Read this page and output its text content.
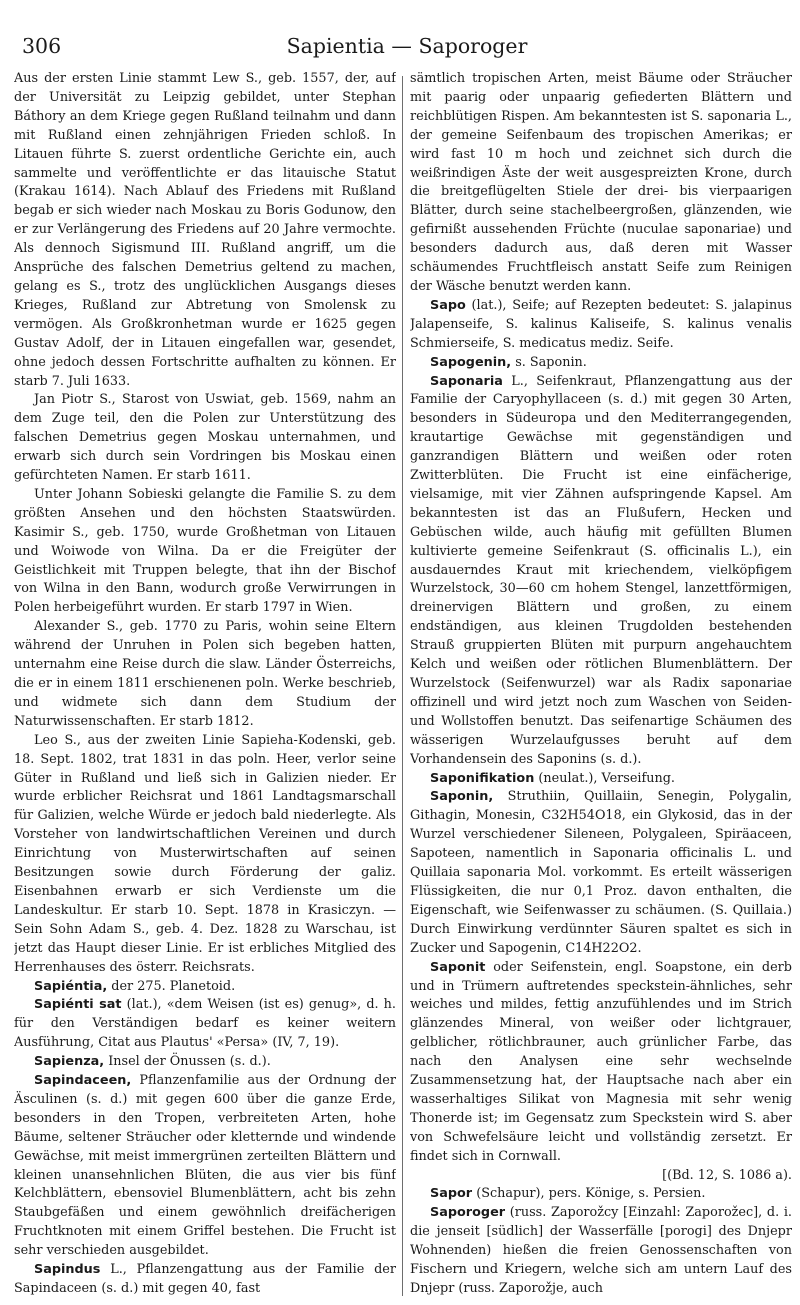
306	Sapientia — Saporoger

Aus der ersten Linie stammt Lew S., geb. 1557, der, auf der Universität zu Leipzig gebildet, unter Stephan Báthory an dem Kriege gegen Rußland teilnahm und dann mit Rußland einen zehnjährigen Frieden schloß. In Litauen führte S. zuerst ordentliche Gerichte ein, auch sammelte und veröffentlichte er das litauische Statut (Krakau 1614). Nach Ablauf des Friedens mit Rußland begab er sich wieder nach Moskau zu Boris Godunow, den er zur Verlängerung des Friedens auf 20 Jahre vermochte. Als dennoch Sigismund III. Rußland angriff, um die Ansprüche des falschen Demetrius geltend zu machen, gelang es S., trotz des unglücklichen Ausgangs dieses Krieges, Rußland zur Abtretung von Smolensk zu vermögen. Als Großkronhetman wurde er 1625 gegen Gustav Adolf, der in Litauen eingefallen war, gesendet, ohne jedoch dessen Fortschritte aufhalten zu können. Er starb 7. Juli 1633.

Jan Piotr S., Starost von Uswiat, geb. 1569, nahm an dem Zuge teil, den die Polen zur Unterstützung des falschen Demetrius gegen Moskau unternahmen, und erwarb sich durch sein Vordringen bis Moskau einen gefürchteten Namen. Er starb 1611.

Unter Johann Sobieski gelangte die Familie S. zu dem größten Ansehen und den höchsten Staatswürden. Kasimir S., geb. 1750, wurde Großhetman von Litauen und Woiwode von Wilna. Da er die Freigüter der Geistlichkeit mit Truppen belegte, that ihn der Bischof von Wilna in den Bann, wodurch große Verwirrungen in Polen herbeigeführt wurden. Er starb 1797 in Wien.

Alexander S., geb. 1770 zu Paris, wohin seine Eltern während der Unruhen in Polen sich begeben hatten, unternahm eine Reise durch die slaw. Länder Österreichs, die er in einem 1811 erschienenen poln. Werke beschrieb, und widmete sich dann dem Studium der Naturwissenschaften. Er starb 1812.

Leo S., aus der zweiten Linie Sapieha-Kodenski, geb. 18. Sept. 1802, trat 1831 in das poln. Heer, verlor seine Güter in Rußland und ließ sich in Galizien nieder. Er wurde erblicher Reichsrat und 1861 Landtagsmarschall für Galizien, welche Würde er jedoch bald niederlegte. Als Vorsteher von landwirtschaftlichen Vereinen und durch Einrichtung von Musterwirtschaften auf seinen Besitzungen sowie durch Förderung der galiz. Eisenbahnen erwarb er sich Verdienste um die Landeskultur. Er starb 10. Sept. 1878 in Krasiczyn. — Sein Sohn Adam S., geb. 4. Dez. 1828 zu Warschau, ist jetzt das Haupt dieser Linie. Er ist erbliches Mitglied des Herrenhauses des österr. Reichsrats.

Sapiéntia, der 275. Planetoid.

Sapiénti sat (lat.), «dem Weisen (ist es) genug», d. h. für den Verständigen bedarf es keiner weitern Ausführung, Citat aus Plautus' «Persa» (IV, 7, 19).

Sapienza, Insel der Önussen (s. d.).

Sapindaceen, Pflanzenfamilie aus der Ordnung der Äsculinen (s. d.) mit gegen 600 über die ganze Erde, besonders in den Tropen, verbreiteten Arten, hohe Bäume, seltener Sträucher oder kletternde und windende Gewächse, mit meist immergrünen zerteilten Blättern und kleinen unansehnlichen Blüten, die aus vier bis fünf Kelchblättern, ebensoviel Blumenblättern, acht bis zehn Staubgefäßen und einem gewöhnlich dreifächerigen Fruchtknoten mit einem Griffel bestehen. Die Frucht ist sehr verschieden ausgebildet.

Sapindus L., Pflanzengattung aus der Familie der Sapindaceen (s. d.) mit gegen 40, fast

sämtlich tropischen Arten, meist Bäume oder Sträucher mit paarig oder unpaarig gefiederten Blättern und reichblütigen Rispen. Am bekanntesten ist S. saponaria L., der gemeine Seifenbaum des tropischen Amerikas; er wird fast 10 m hoch und zeichnet sich durch die weißrindigen Äste der weit ausgespreizten Krone, durch die breitgeflügelten Stiele der drei- bis vierpaarigen Blätter, durch seine stachelbeergroßen, glänzenden, wie gefirnißt aussehenden Früchte (nuculae saponariae) und besonders dadurch aus, daß deren mit Wasser schäumendes Fruchtfleisch anstatt Seife zum Reinigen der Wäsche benutzt werden kann.

Sapo (lat.), Seife; auf Rezepten bedeutet: S. jalapinus Jalapenseife, S. kalinus Kaliseife, S. kalinus venalis Schmierseife, S. medicatus mediz. Seife.

Sapogenin, s. Saponin.

Saponaria L., Seifenkraut, Pflanzengattung aus der Familie der Caryophyllaceen (s. d.) mit gegen 30 Arten, besonders in Südeuropa und den Mediterrangegenden, krautartige Gewächse mit gegenständigen und ganzrandigen Blättern und weißen oder roten Zwitterblüten. Die Frucht ist eine einfächerige, vielsamige, mit vier Zähnen aufspringende Kapsel. Am bekanntesten ist das an Flußufern, Hecken und Gebüschen wilde, auch häufig mit gefüllten Blumen kultivierte gemeine Seifenkraut (S. officinalis L.), ein ausdauerndes Kraut mit kriechendem, vielköpfigem Wurzelstock, 30—60 cm hohem Stengel, lanzettförmigen, dreinervigen Blättern und großen, zu einem endständigen, aus kleinen Trugdolden bestehenden Strauß gruppierten Blüten mit purpurn angehauchtem Kelch und weißen oder rötlichen Blumenblättern. Der Wurzelstock (Seifenwurzel) war als Radix saponariae offizinell und wird jetzt noch zum Waschen von Seiden- und Wollstoffen benutzt. Das seifenartige Schäumen des wässerigen Wurzelaufgusses beruht auf dem Vorhandensein des Saponins (s. d.).

Saponifikation (neulat.), Verseifung.

Saponin, Struthiin, Quillaiin, Senegin, Polygalin, Githagin, Monesin, C32H54O18, ein Glykosid, das in der Wurzel verschiedener Sileneen, Polygaleen, Spiräaceen, Sapoteen, namentlich in Saponaria officinalis L. und Quillaia saponaria Mol. vorkommt. Es erteilt wässerigen Flüssigkeiten, die nur 0,1 Proz. davon enthalten, die Eigenschaft, wie Seifenwasser zu schäumen. (S. Quillaia.) Durch Einwirkung verdünnter Säuren spaltet es sich in Zucker und Sapogenin, C14H22O2.

Saponit oder Seifenstein, engl. Soapstone, ein derb und in Trümern auftretendes speckstein-ähnliches, sehr weiches und mildes, fettig anzufühlendes und im Strich glänzendes Mineral, von weißer oder lichtgrauer, gelblicher, rötlichbrauner, auch grünlicher Farbe, das nach den Analysen eine sehr wechselnde Zusammensetzung hat, der Hauptsache nach aber ein wasserhaltiges Silikat von Magnesia mit sehr wenig Thonerde ist; im Gegensatz zum Speckstein wird S. aber von Schwefelsäure leicht und vollständig zersetzt. Er findet sich in Cornwall.
[(Bd. 12, S. 1086 a).

Sapor (Schapur), pers. Könige, s. Persien.

Saporoger (russ. Zaporožcy [Einzahl: Zaporožec], d. i. die jenseit [südlich] der Wasserfälle [porogi] des Dnjepr Wohnenden) hießen die freien Genossenschaften von Fischern und Kriegern, welche sich am untern Lauf des Dnjepr (russ. Zaporožje, auch
